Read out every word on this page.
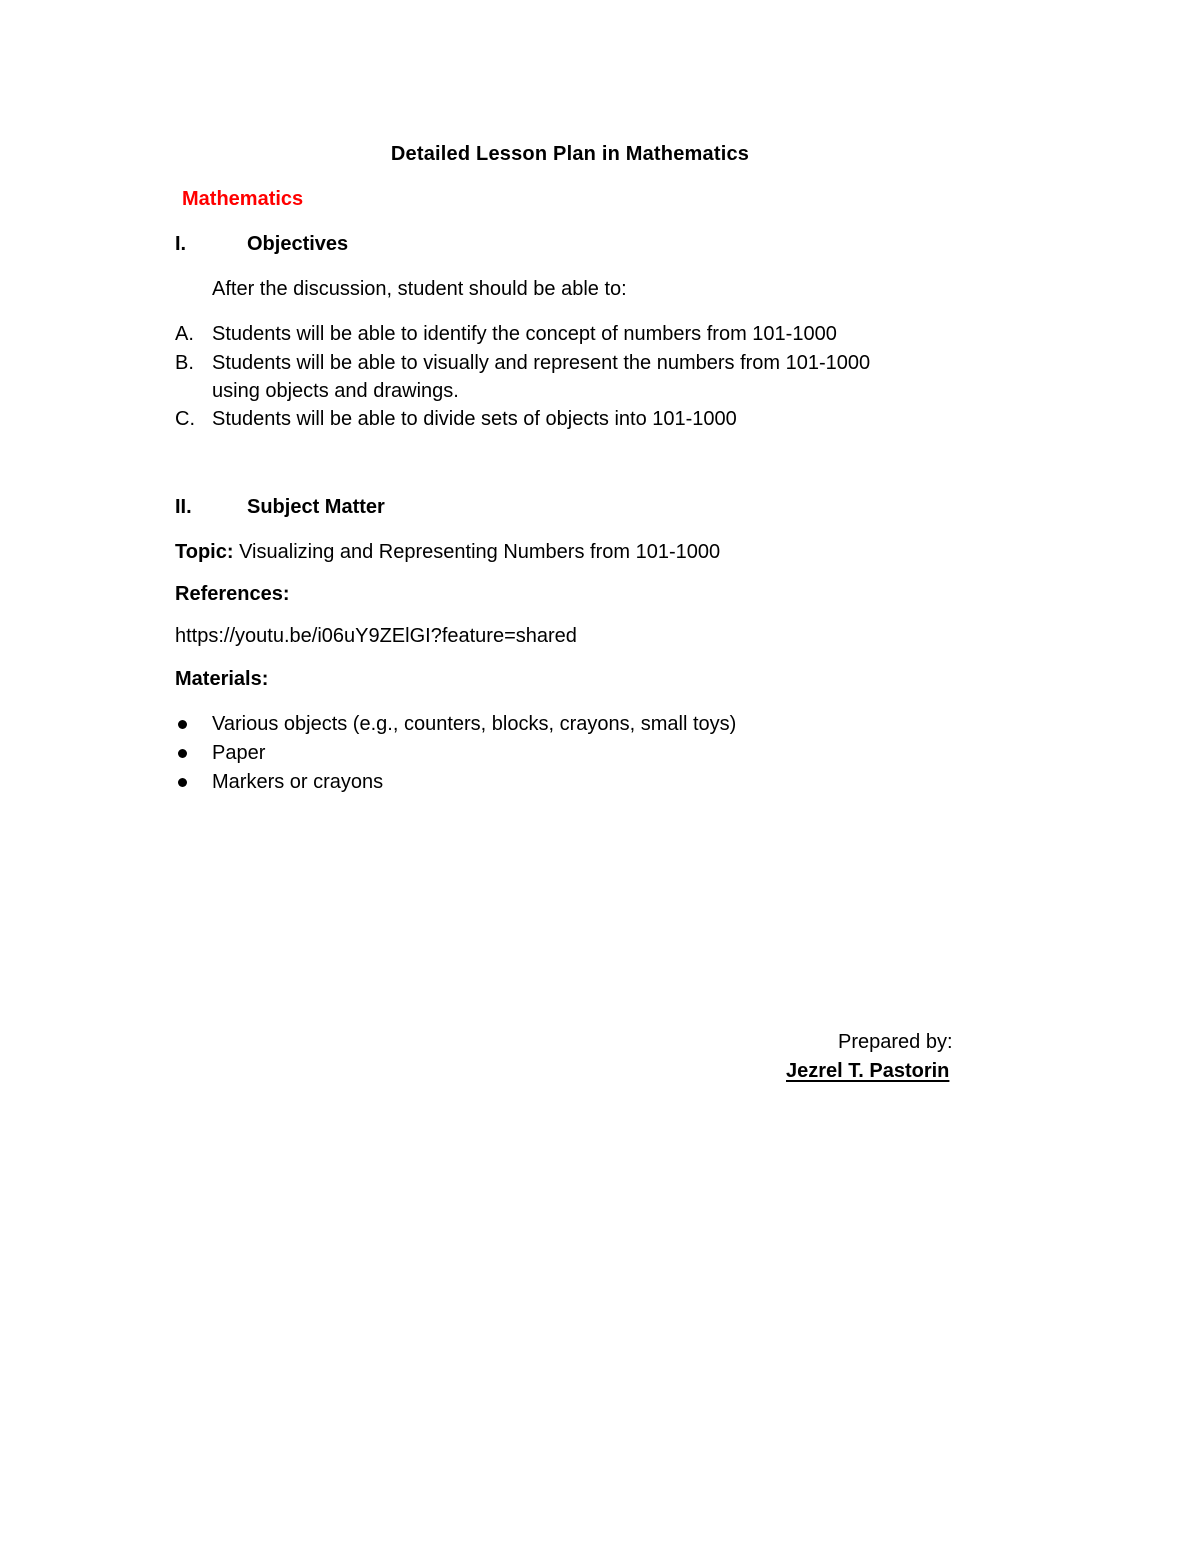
Detailed Lesson Plan in Mathematics
Mathematics
I.	Objectives
After the discussion, student should be able to:
A. Students will be able to identify the concept of numbers from 101-1000
B. Students will be able to visually and represent the numbers from 101-1000
using objects and drawings.
C. Students will be able to divide sets of objects into 101-1000
II.	Subject Matter
Topic: Visualizing and Representing Numbers from 101-1000
References:
https://youtu.be/i06uY9ZElGI?feature=shared
Materials:
Various objects (e.g., counters, blocks, crayons, small toys)
Paper
Markers or crayons
Prepared by:
Jezrel T. Pastorin
